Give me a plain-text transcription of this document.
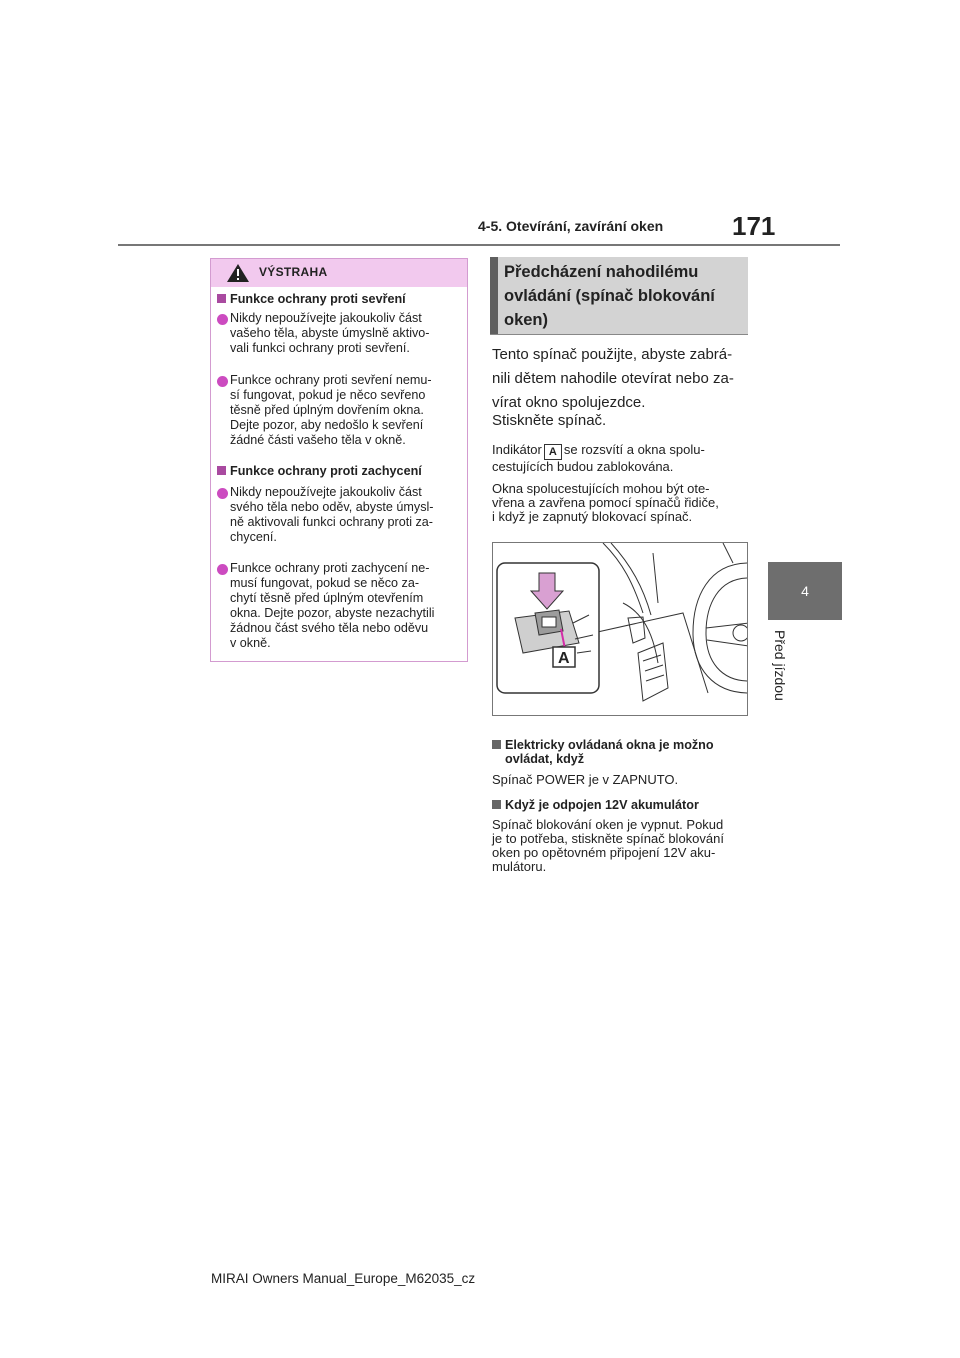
4-5. Otevírání, zavírání oken	171
4
Před jízdou
VÝSTRAHA
Funkce ochrany proti sevření
Nikdy nepoužívejte jakoukoliv část
vašeho těla, abyste úmyslně aktivo-
vali funkci ochrany proti sevření.
Funkce ochrany proti sevření nemu-
sí fungovat, pokud je něco sevřeno
těsně před úplným dovřením okna.
Dejte pozor, aby nedošlo k sevření
žádné části vašeho těla v okně.
Funkce ochrany proti zachycení
Nikdy nepoužívejte jakoukoliv část
svého těla nebo oděv, abyste úmysl-
ně aktivovali funkci ochrany proti za-
chycení.
Funkce ochrany proti zachycení ne-
musí fungovat, pokud se něco za-
chytí těsně před úplným otevřením
okna. Dejte pozor, abyste nezachytili
žádnou část svého těla nebo oděvu
v okně.
Předcházení nahodilému
ovládání (spínač blokování
oken)
Tento spínač použijte, abyste zabrá-
nili dětem nahodile otevírat nebo za-
vírat okno spolujezdce.
Stiskněte spínač.
Indikátor A se rozsvítí a okna spolu-
cestujících budou zablokována.
Okna spolucestujících mohou být ote-
vřena a zavřena pomocí spínačů řidiče,
i když je zapnutý blokovací spínač.
A
Elektricky ovládaná okna je možno
ovládat, když
Spínač POWER je v ZAPNUTO.
Když je odpojen 12V akumulátor
Spínač blokování oken je vypnut. Pokud
je to potřeba, stiskněte spínač blokování
oken po opětovném připojení 12V aku-
mulátoru.
MIRAI Owners Manual_Europe_M62035_cz
